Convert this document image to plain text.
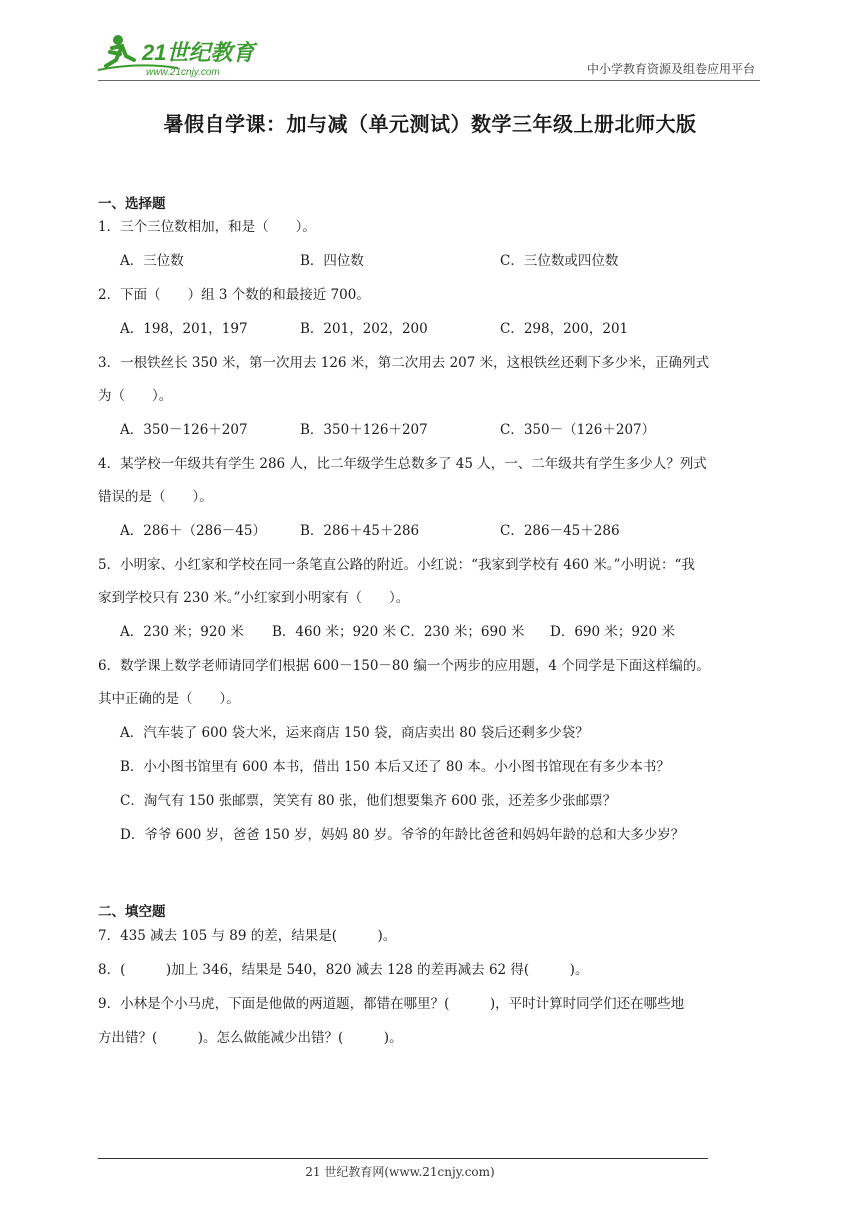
21世纪教育
www.21cnjy.com	中小学教育资源及组卷应用平台
暑假自学课：加与减（单元测试）数学三年级上册北师大版
一、选择题
1．三个三位数相加，和是（　　）。
A．三位数	B．四位数	C．三位数或四位数
2．下面（　　）组 3 个数的和最接近 700。
A．198，201，197	B．201，202，200	C．298，200，201
3．一根铁丝长 350 米，第一次用去 126 米，第二次用去 207 米，这根铁丝还剩下多少米，正确列式
为（　　）。
A．350－126＋207	B．350＋126＋207	C．350－（126＋207）
4．某学校一年级共有学生 286 人，比二年级学生总数多了 45 人，一、二年级共有学生多少人？列式
错误的是（　　）。
A．286＋（286－45）	B．286＋45＋286	C．286－45＋286
5．小明家、小红家和学校在同一条笔直公路的附近。小红说：“我家到学校有 460 米。”小明说：“我
家到学校只有 230 米。”小红家到小明家有（　　）。
A．230 米；920 米 B．460 米；920 米 C．230 米；690 米 D．690 米；920 米
6．数学课上数学老师请同学们根据 600－150－80 编一个两步的应用题，4 个同学是下面这样编的。
其中正确的是（　　）。
A．汽车装了 600 袋大米，运来商店 150 袋，商店卖出 80 袋后还剩多少袋？
B．小小图书馆里有 600 本书，借出 150 本后又还了 80 本。小小图书馆现在有多少本书？
C．淘气有 150 张邮票，笑笑有 80 张，他们想要集齐 600 张，还差多少张邮票？
D．爷爷 600 岁，爸爸 150 岁，妈妈 80 岁。爷爷的年龄比爸爸和妈妈年龄的总和大多少岁？
二、填空题
7．435 减去 105 与 89 的差，结果是(　　　)。
8．(　　　)加上 346，结果是 540，820 减去 128 的差再减去 62 得(　　　)。
9．小林是个小马虎，下面是他做的两道题，都错在哪里？(　　　)，平时计算时同学们还在哪些地
方出错？(　　　)。怎么做能减少出错？(　　　)。
21 世纪教育网(www.21cnjy.com)
